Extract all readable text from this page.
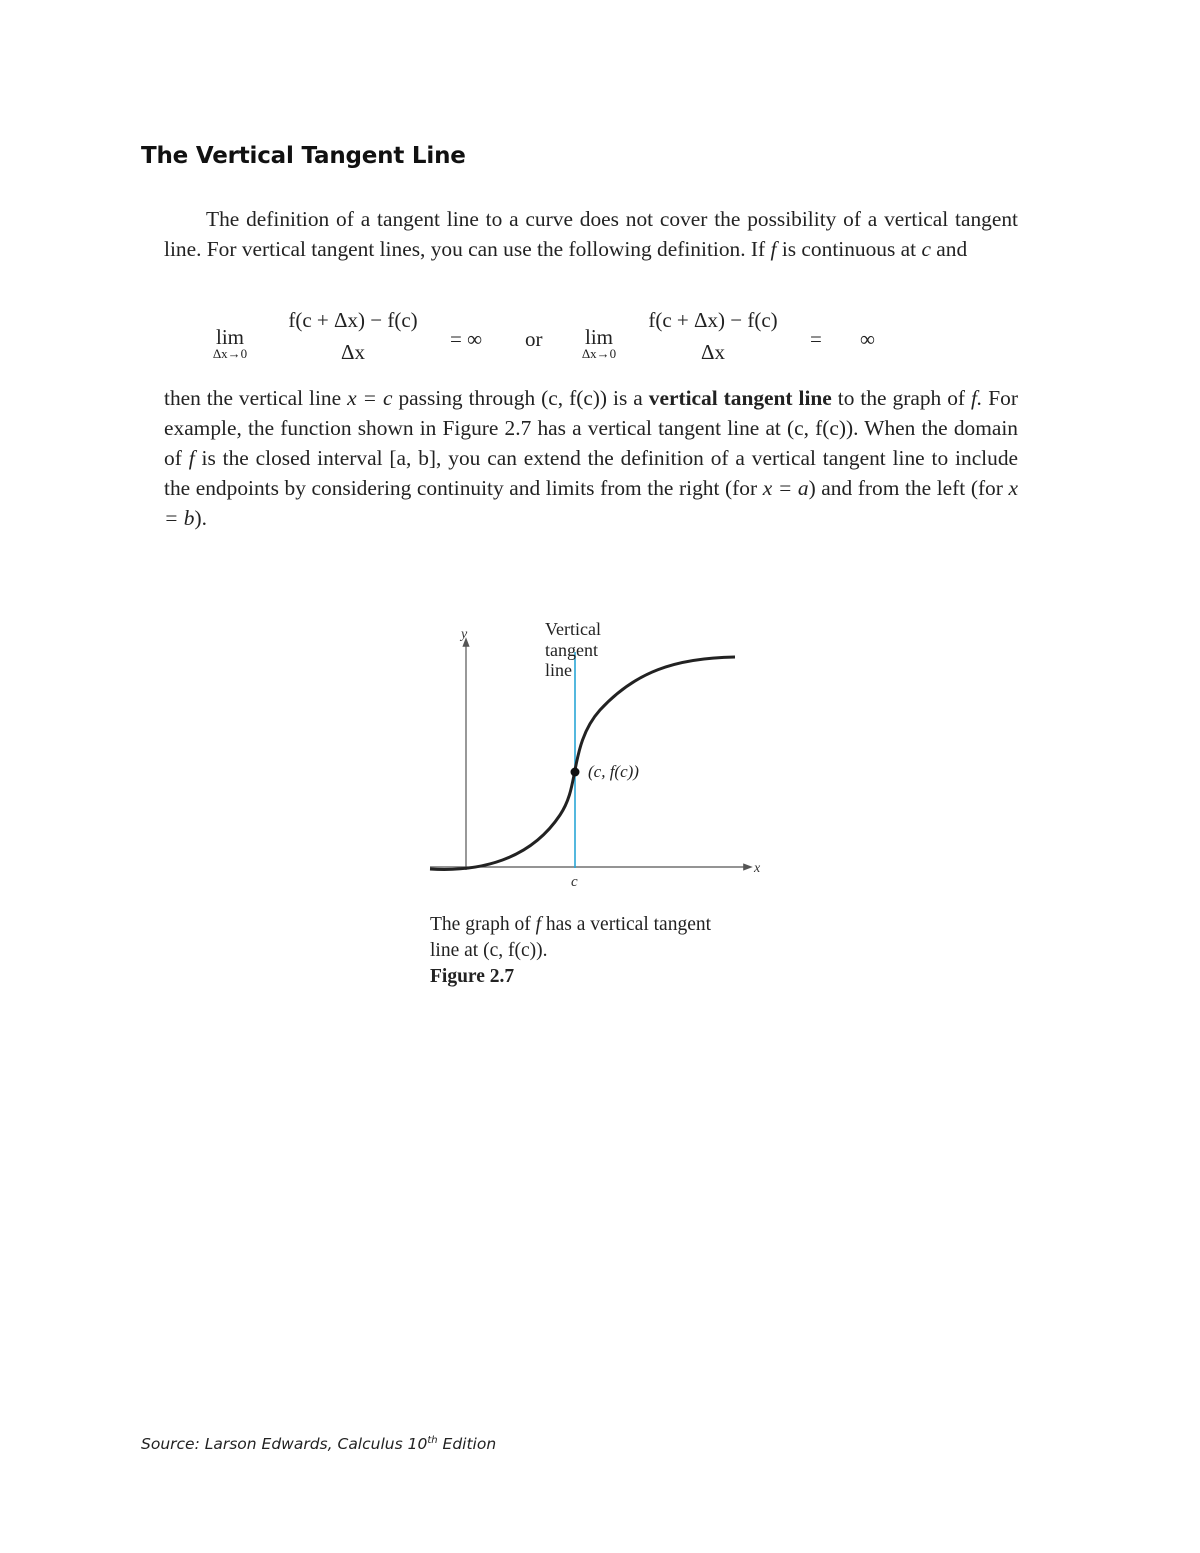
The Vertical Tangent Line

The definition of a tangent line to a curve does not cover the possibility of a vertical tangent line. For vertical tangent lines, you can use the following definition. If f is continuous at c and

lim
Δx→0
f(c + Δx) − f(c)
Δx
= ∞ or	lim
Δx→0
f(c + Δx) − f(c)
Δx
= ∞

then the vertical line x = c passing through (c, f(c)) is a vertical tangent line to the graph of f. For example, the function shown in Figure 2.7 has a vertical tangent line at (c, f(c)). When the domain of f is the closed interval [a, b], you can extend the definition of a vertical tangent line to include the endpoints by considering continuity and limits from the right (for x = a) and from the left (for x = b).

y
x
c
Vertical
tangent
line
(c, f(c))
The graph of f has a vertical tangent
line at (c, f(c)).
Figure 2.7
Source: Larson Edwards, Calculus 10th Edition
